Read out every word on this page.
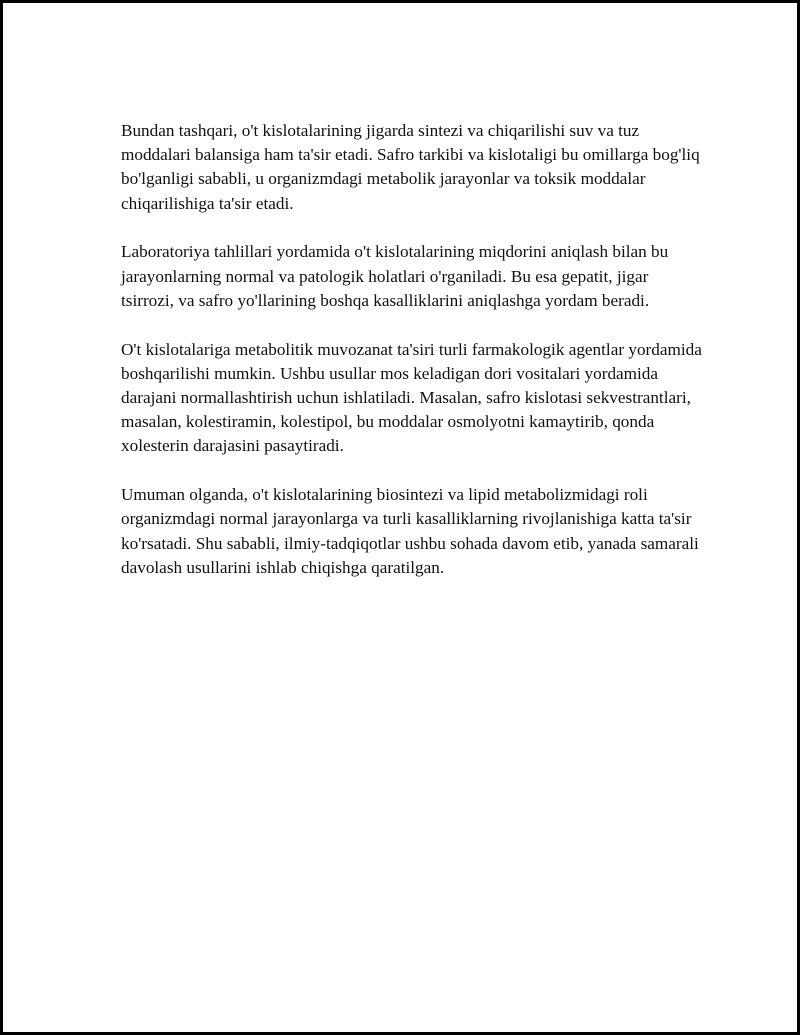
Bundan tashqari, o't kislotalarining jigarda sintezi va chiqarilishi suv va tuz moddalari balansiga ham ta'sir etadi. Safro tarkibi va kislotaligi bu omillarga bog'liq bo'lganligi sababli, u organizmdagi metabolik jarayonlar va toksik moddalar chiqarilishiga ta'sir etadi.

Laboratoriya tahlillari yordamida o't kislotalarining miqdorini aniqlash bilan bu jarayonlarning normal va patologik holatlari o'rganiladi. Bu esa gepatit, jigar tsirrozi, va safro yo'llarining boshqa kasalliklarini aniqlashga yordam beradi.

O't kislotalariga metabolitik muvozanat ta'siri turli farmakologik agentlar yordamida boshqarilishi mumkin. Ushbu usullar mos keladigan dori vositalari yordamida darajani normallashtirish uchun ishlatiladi. Masalan, safro kislotasi sekvestrantlari, masalan, kolestiramin, kolestipol, bu moddalar osmolyotni kamaytirib, qonda xolesterin darajasini pasaytiradi.

Umuman olganda, o't kislotalarining biosintezi va lipid metabolizmidagi roli organizmdagi normal jarayonlarga va turli kasalliklarning rivojlanishiga katta ta'sir ko'rsatadi. Shu sababli, ilmiy-tadqiqotlar ushbu sohada davom etib, yanada samarali davolash usullarini ishlab chiqishga qaratilgan.
